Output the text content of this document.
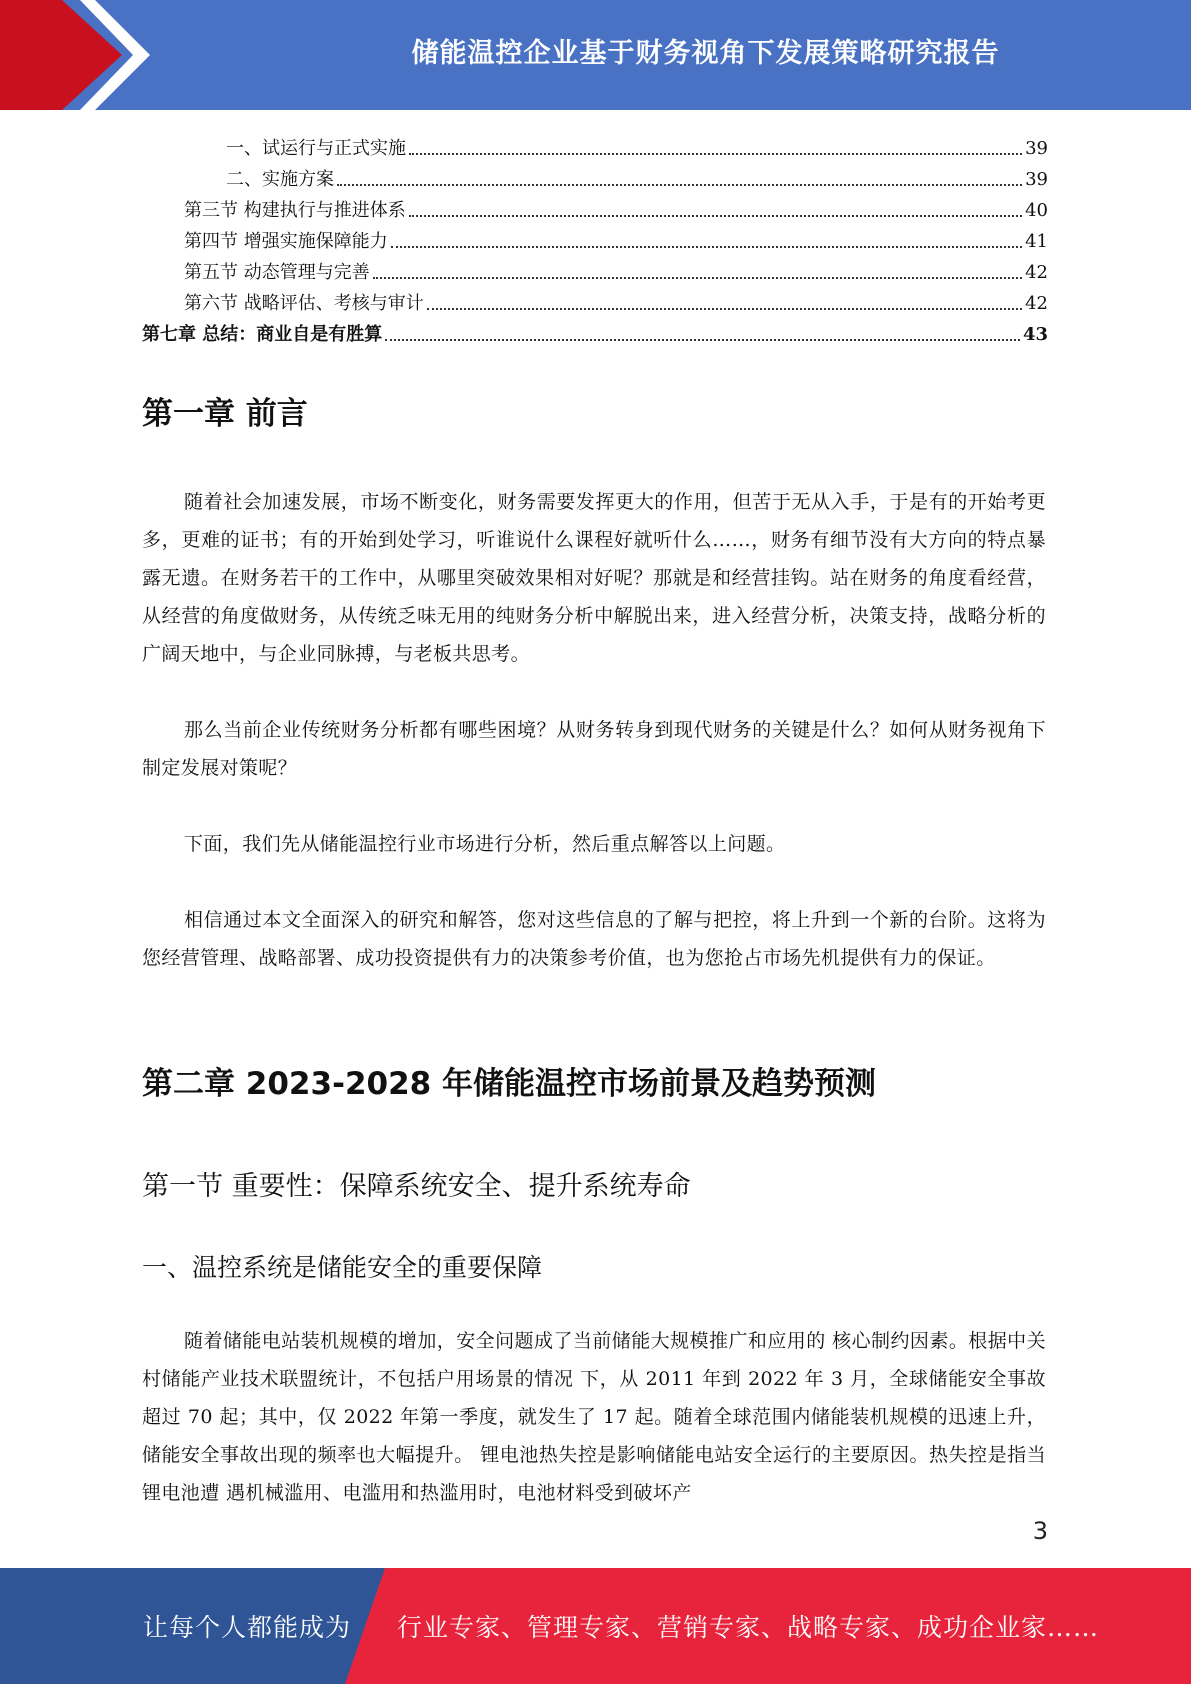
储能温控企业基于财务视角下发展策略研究报告
一、试运行与正式实施	39
二、实施方案	39
第三节 构建执行与推进体系	40
第四节 增强实施保障能力	41
第五节 动态管理与完善	42
第六节 战略评估、考核与审计	42
第七章 总结：商业自是有胜算	43
第一章 前言

随着社会加速发展，市场不断变化，财务需要发挥更大的作用，但苦于无从入手，于是有的开始考更多，更难的证书；有的开始到处学习，听谁说什么课程好就听什么……，财务有细节没有大方向的特点暴露无遗。在财务若干的工作中，从哪里突破效果相对好呢？那就是和经营挂钩。站在财务的角度看经营，从经营的角度做财务，从传统乏味无用的纯财务分析中解脱出来，进入经营分析，决策支持，战略分析的广阔天地中，与企业同脉搏，与老板共思考。

那么当前企业传统财务分析都有哪些困境？从财务转身到现代财务的关键是什么？如何从财务视角下制定发展对策呢？

下面，我们先从储能温控行业市场进行分析，然后重点解答以上问题。

相信通过本文全面深入的研究和解答，您对这些信息的了解与把控，将上升到一个新的台阶。这将为您经营管理、战略部署、成功投资提供有力的决策参考价值，也为您抢占市场先机提供有力的保证。

第二章 2023-2028 年储能温控市场前景及趋势预测
第一节 重要性：保障系统安全、提升系统寿命
一、温控系统是储能安全的重要保障

随着储能电站装机规模的增加，安全问题成了当前储能大规模推广和应用的 核心制约因素。根据中关村储能产业技术联盟统计，不包括户用场景的情况 下，从 2011 年到 2022 年 3 月，全球储能安全事故超过 70 起；其中，仅 2022 年第一季度，就发生了 17 起。随着全球范围内储能装机规模的迅速上升， 储能安全事故出现的频率也大幅提升。 锂电池热失控是影响储能电站安全运行的主要原因。热失控是指当锂电池遭 遇机械滥用、电滥用和热滥用时，电池材料受到破坏产

3
让每个人都能成为 行业专家、管理专家、营销专家、战略专家、成功企业家……
